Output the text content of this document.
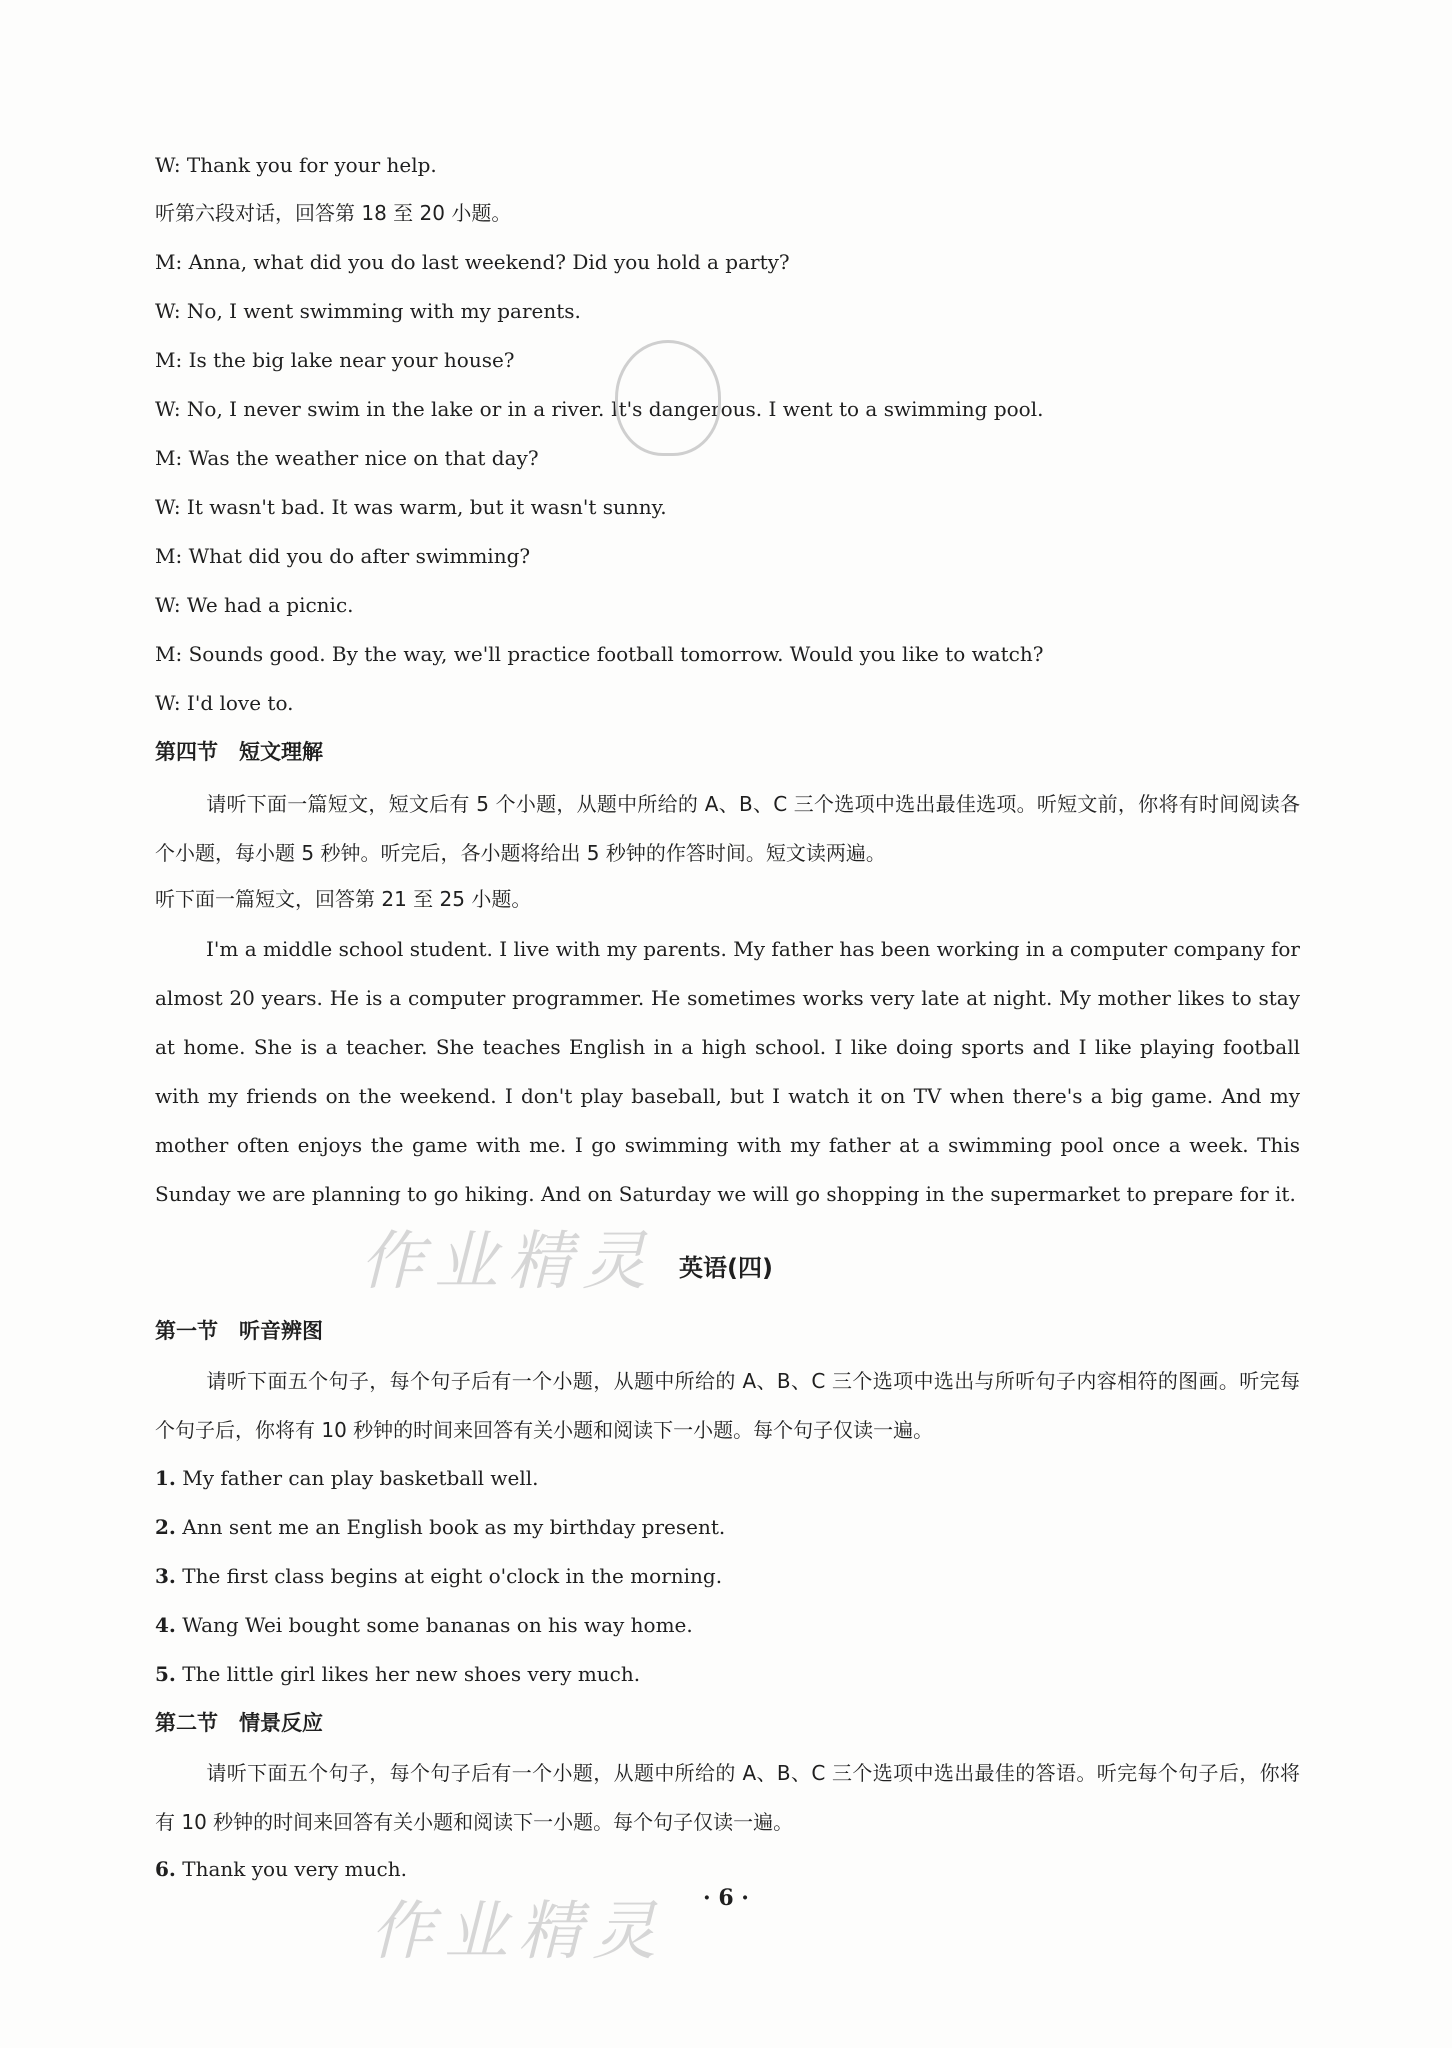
W: Thank you for your help.
听第六段对话，回答第 18 至 20 小题。
M: Anna, what did you do last weekend? Did you hold a party?
W: No, I went swimming with my parents.
M: Is the big lake near your house?
W: No, I never swim in the lake or in a river. It's dangerous. I went to a swimming pool.
M: Was the weather nice on that day?
W: It wasn't bad. It was warm, but it wasn't sunny.
M: What did you do after swimming?
W: We had a picnic.
M: Sounds good. By the way, we'll practice football tomorrow. Would you like to watch?
W: I'd love to.
第四节　短文理解
请听下面一篇短文，短文后有 5 个小题，从题中所给的 A、B、C 三个选项中选出最佳选项。听短文前，你将有时间阅读各个小题，每小题 5 秒钟。听完后，各小题将给出 5 秒钟的作答时间。短文读两遍。
听下面一篇短文，回答第 21 至 25 小题。
I'm a middle school student. I live with my parents. My father has been working in a computer company for almost 20 years. He is a computer programmer. He sometimes works very late at night. My mother likes to stay at home. She is a teacher. She teaches English in a high school. I like doing sports and I like playing football with my friends on the weekend. I don't play baseball, but I watch it on TV when there's a big game. And my mother often enjoys the game with me. I go swimming with my father at a swimming pool once a week. This Sunday we are planning to go hiking. And on Saturday we will go shopping in the supermarket to prepare for it.
作业精灵 英语(四)
第一节　听音辨图
请听下面五个句子，每个句子后有一个小题，从题中所给的 A、B、C 三个选项中选出与所听句子内容相符的图画。听完每个句子后，你将有 10 秒钟的时间来回答有关小题和阅读下一小题。每个句子仅读一遍。
1. My father can play basketball well.
2. Ann sent me an English book as my birthday present.
3. The first class begins at eight o'clock in the morning.
4. Wang Wei bought some bananas on his way home.
5. The little girl likes her new shoes very much.
第二节　情景反应
请听下面五个句子，每个句子后有一个小题，从题中所给的 A、B、C 三个选项中选出最佳的答语。听完每个句子后，你将有 10 秒钟的时间来回答有关小题和阅读下一小题。每个句子仅读一遍。
6. Thank you very much.
作业精灵	· 6 ·
